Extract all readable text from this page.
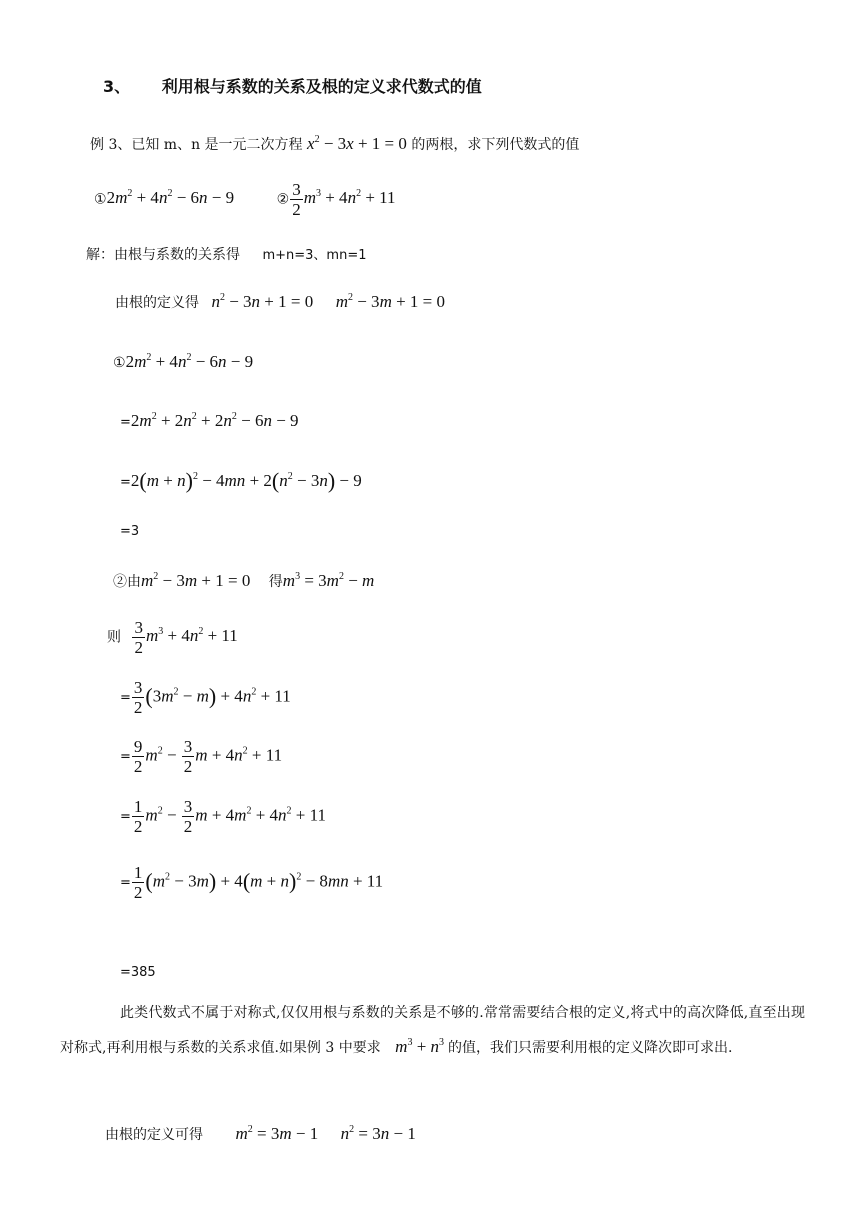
3、 利用根与系数的关系及根的定义求代数式的值
例 3、已知 m、n 是一元二次方程 $x^2 - 3x + 1 = 0$ 的两根，求下列代数式的值
$①2m^2 + 4n^2 - 6n - 9$	② $\frac{3}{2} m^3 + 4n^2 + 11$
解：由根与系数的关系得 m+n=3、mn=1
由根的定义得 $n^2 - 3n + 1 = 0$ $m^2 - 3m + 1 = 0$
$①2m^2 + 4n^2 - 6n - 9$
$=2m^2 + 2n^2 + 2n^2 - 6n - 9$
$=2(m + n)^2 - 4mn + 2(n^2 - 3n) - 9$
=3
②由$m^2 - 3m + 1 = 0$ 得$m^3 = 3m^2 - m$
则 $\frac{3}{2} m^3 + 4n^2 + 11$
= $\frac{3}{2} (3m^2 - m) + 4n^2 + 11$
= $\frac{9}{2} m^2 - \frac{3}{2}$ $m + 4n^2 + 11$
= $\frac{1}{2} m^2 - \frac{3}{2}$ $m + 4m^2 + 4n^2 + 11$
= $\frac{1}{2} (m^2 - 3m) + 4(m + n)^2 - 8mn + 11$
=385
此类代数式不属于对称式,仅仅用根与系数的关系是不够的.常常需要结合根的定义,将式中的高次降低,直至出现对称式,再利用根与系数的关系求值.如果例 3 中要求 $m^3 + n^3$ 的值，我们只需要利用根的定义降次即可求出.
由根的定义可得 $m^2 = 3m - 1$ $n^2 = 3n - 1$
